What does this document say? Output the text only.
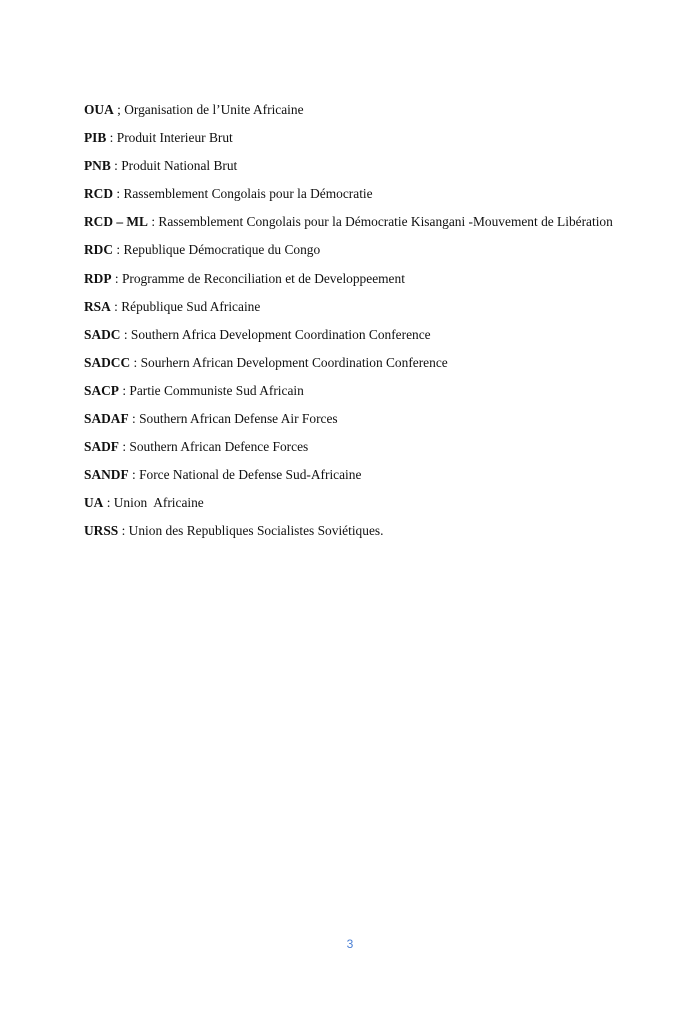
OUA ; Organisation de l’Unite Africaine

PIB : Produit Interieur Brut

PNB : Produit National Brut

RCD : Rassemblement Congolais pour la Démocratie

RCD – ML : Rassemblement Congolais pour la Démocratie Kisangani -Mouvement de Libération

RDC : Republique Démocratique du Congo

RDP : Programme de Reconciliation et de Developpeement

RSA : République Sud Africaine

SADC : Southern Africa Development Coordination Conference

SADCC : Sourhern African Development Coordination Conference

SACP : Partie Communiste Sud Africain

SADAF : Southern African Defense Air Forces

SADF : Southern African Defence Forces

SANDF : Force National de Defense Sud-Africaine

UA : Union  Africaine

URSS : Union des Republiques Socialistes Soviétiques.

3
